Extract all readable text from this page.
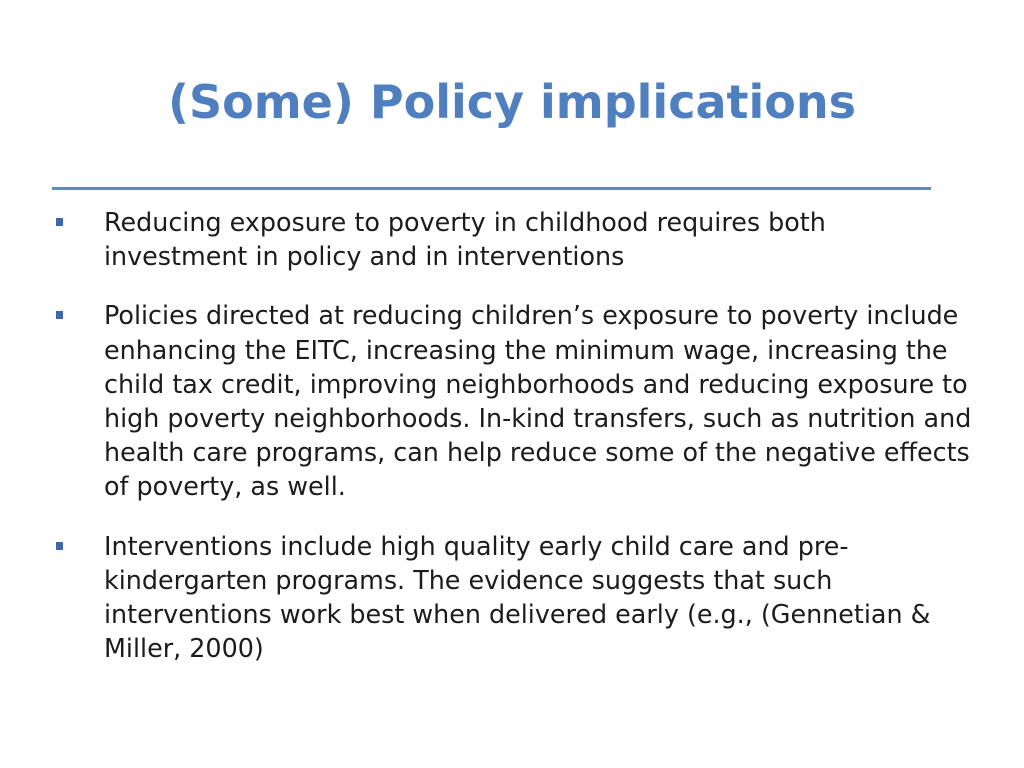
(Some) Policy implications
Reducing exposure to poverty in childhood requires both investment in policy and in interventions
Policies directed at reducing children’s exposure to poverty include enhancing the EITC, increasing the minimum wage, increasing the child tax credit, improving neighborhoods and reducing exposure to high poverty neighborhoods. In-kind transfers, such as nutrition and health care programs, can help reduce some of the negative effects of poverty, as well.
Interventions include high quality early child care and pre-kindergarten programs. The evidence suggests that such interventions work best when delivered early (e.g., (Gennetian & Miller, 2000)
